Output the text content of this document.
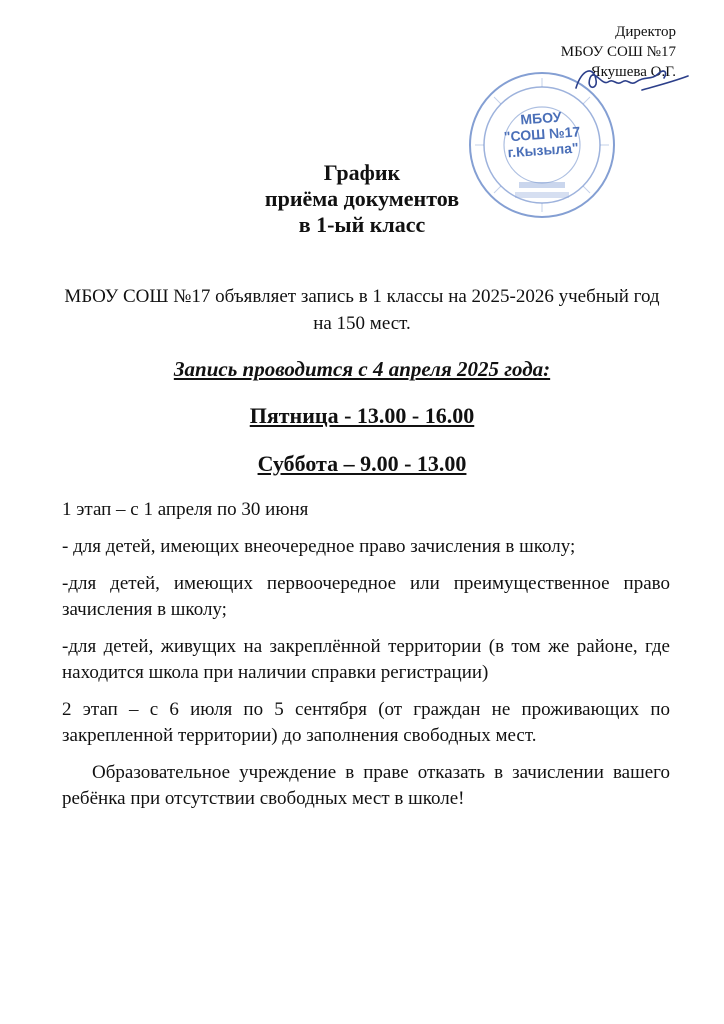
Директор
МБОУ СОШ №17
Якушева О.Г.
МБОУ
"СОШ №17
г.Кызыла"
График
приёма документов
в 1-ый класс
МБОУ СОШ №17 объявляет запись в 1 классы на 2025-2026 учебный год на 150 мест.
Запись проводится с 4 апреля 2025 года:
Пятница - 13.00 - 16.00
Суббота – 9.00 - 13.00

1 этап – с 1 апреля по 30 июня

- для детей, имеющих внеочередное право зачисления в школу;

-для детей, имеющих первоочередное или преимущественное право зачисления в школу;

-для детей, живущих на закреплённой территории (в том же районе, где находится школа при наличии справки регистрации)

2 этап – с 6 июля по 5 сентября (от граждан не проживающих по закрепленной территории) до заполнения свободных мест.

Образовательное учреждение в праве отказать в зачислении вашего ребёнка при отсутствии свободных мест в школе!
